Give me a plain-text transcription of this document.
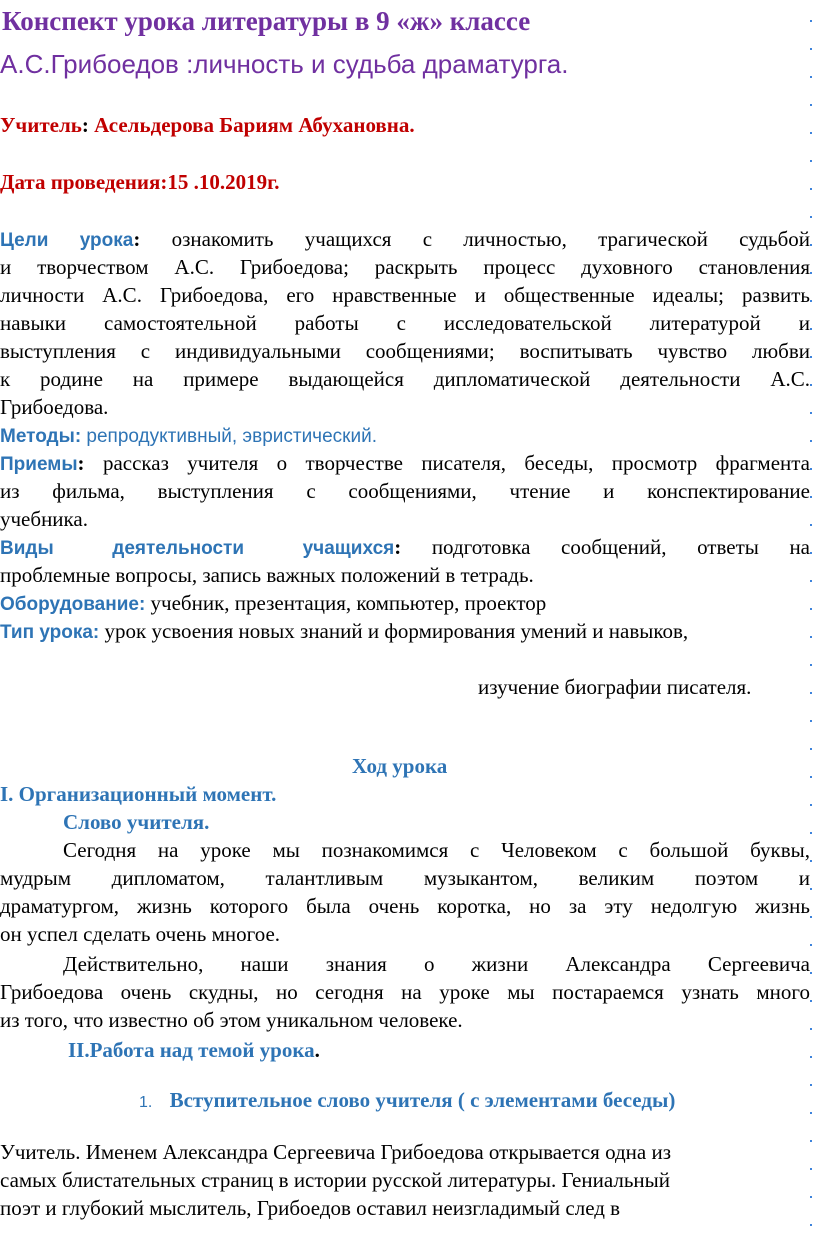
Конспект урока литературы в 9 «ж» классе
А.С.Грибоедов :личность и судьба драматурга.
Учитель: Асельдерова Бариям Абухановна.
Дата проведения:15 .10.2019г.
Цели урока: ознакомить учащихся с личностью, трагической судьбой
и творчеством А.С. Грибоедова; раскрыть процесс духовного становления
личности А.С. Грибоедова, его нравственные и общественные идеалы; развить
навыки самостоятельной работы с исследовательской литературой и
выступления с индивидуальными сообщениями; воспитывать чувство любви
к родине на примере выдающейся дипломатической деятельности А.С.
Грибоедова.
Методы: репродуктивный, эвристический.
Приемы: рассказ учителя о творчестве писателя, беседы, просмотр фрагмента
из фильма, выступления с сообщениями, чтение и конспектирование
учебника.
Виды деятельности учащихся: подготовка сообщений, ответы на
проблемные вопросы, запись важных положений в тетрадь.
Оборудование: учебник, презентация, компьютер, проектор
Тип урока: урок усвоения новых знаний и формирования умений и навыков,
изучение биографии писателя.
Ход урока
I. Организационный момент.
Слово учителя.
Сегодня на уроке мы познакомимся с Человеком с большой буквы,
мудрым дипломатом, талантливым музыкантом, великим поэтом и
драматургом, жизнь которого была очень коротка, но за эту недолгую жизнь
он успел сделать очень многое.
Действительно, наши знания о жизни Александра Сергеевича
Грибоедова очень скудны, но сегодня на уроке мы постараемся узнать много
из того, что известно об этом уникальном человеке.
II.Работа над темой урока.
1. Вступительное слово учителя ( с элементами беседы)
Учитель. Именем Александра Сергеевича Грибоедова открывается одна из
самых блистательных страниц в истории русской литературы. Гениальный
поэт и глубокий мыслитель, Грибоедов оставил неизгладимый след в
·
·
·
·
·
·
·
·
·
·
·
·
·
·
·
·
·
·
·
·
·
·
·
·
·
·
·
·
·
·
·
·
·
·
·
·
·
·
·
·
·
·
·
·
